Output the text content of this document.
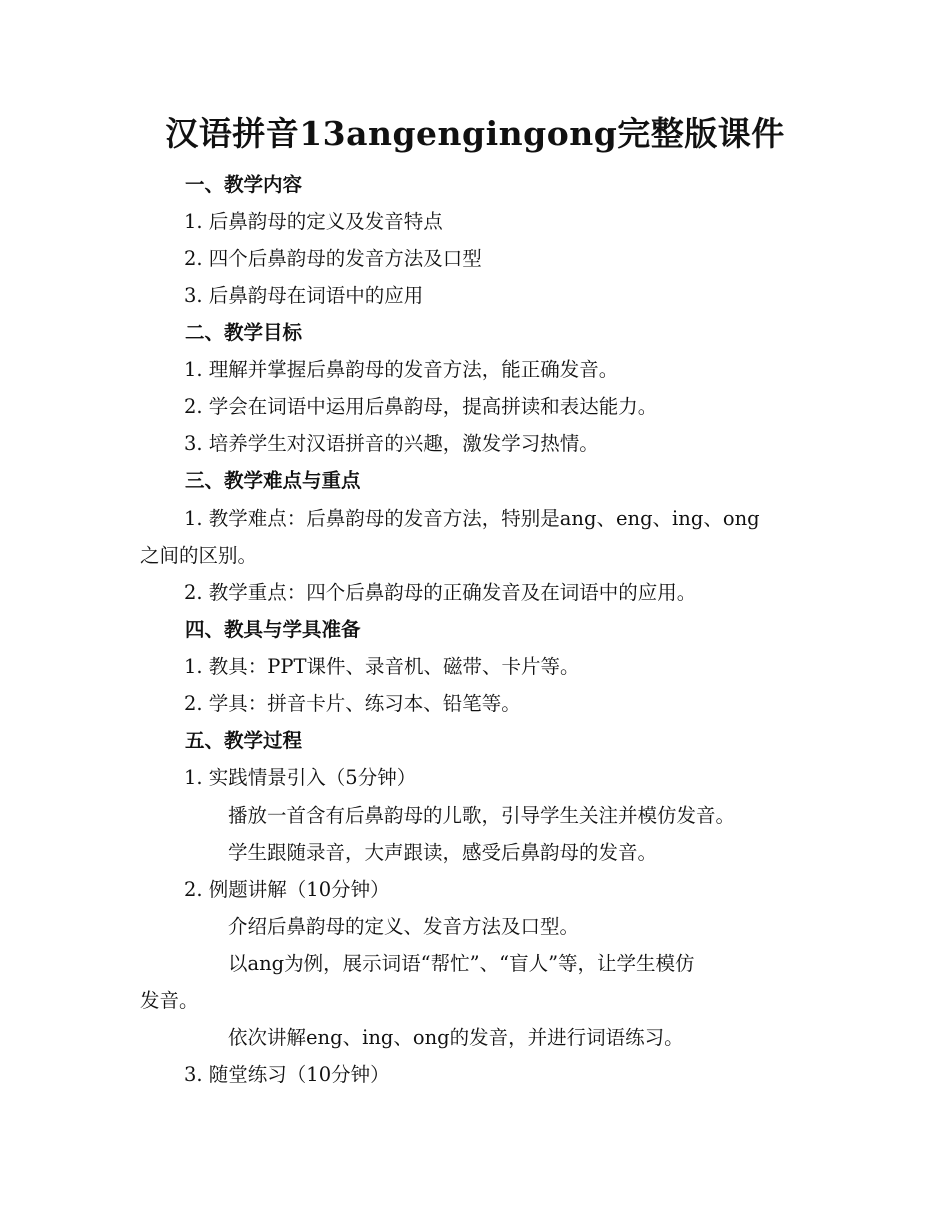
汉语拼音13angengingong完整版课件
一、教学内容
1. 后鼻韵母的定义及发音特点
2. 四个后鼻韵母的发音方法及口型
3. 后鼻韵母在词语中的应用
二、教学目标
1. 理解并掌握后鼻韵母的发音方法，能正确发音。
2. 学会在词语中运用后鼻韵母，提高拼读和表达能力。
3. 培养学生对汉语拼音的兴趣，激发学习热情。
三、教学难点与重点
1. 教学难点：后鼻韵母的发音方法，特别是ang、eng、ing、ong
之间的区别。
2. 教学重点：四个后鼻韵母的正确发音及在词语中的应用。
四、教具与学具准备
1. 教具：PPT课件、录音机、磁带、卡片等。
2. 学具：拼音卡片、练习本、铅笔等。
五、教学过程
1. 实践情景引入（5分钟）
播放一首含有后鼻韵母的儿歌，引导学生关注并模仿发音。
学生跟随录音，大声跟读，感受后鼻韵母的发音。
2. 例题讲解（10分钟）
介绍后鼻韵母的定义、发音方法及口型。
以ang为例，展示词语“帮忙”、“盲人”等，让学生模仿
发音。
依次讲解eng、ing、ong的发音，并进行词语练习。
3. 随堂练习（10分钟）
